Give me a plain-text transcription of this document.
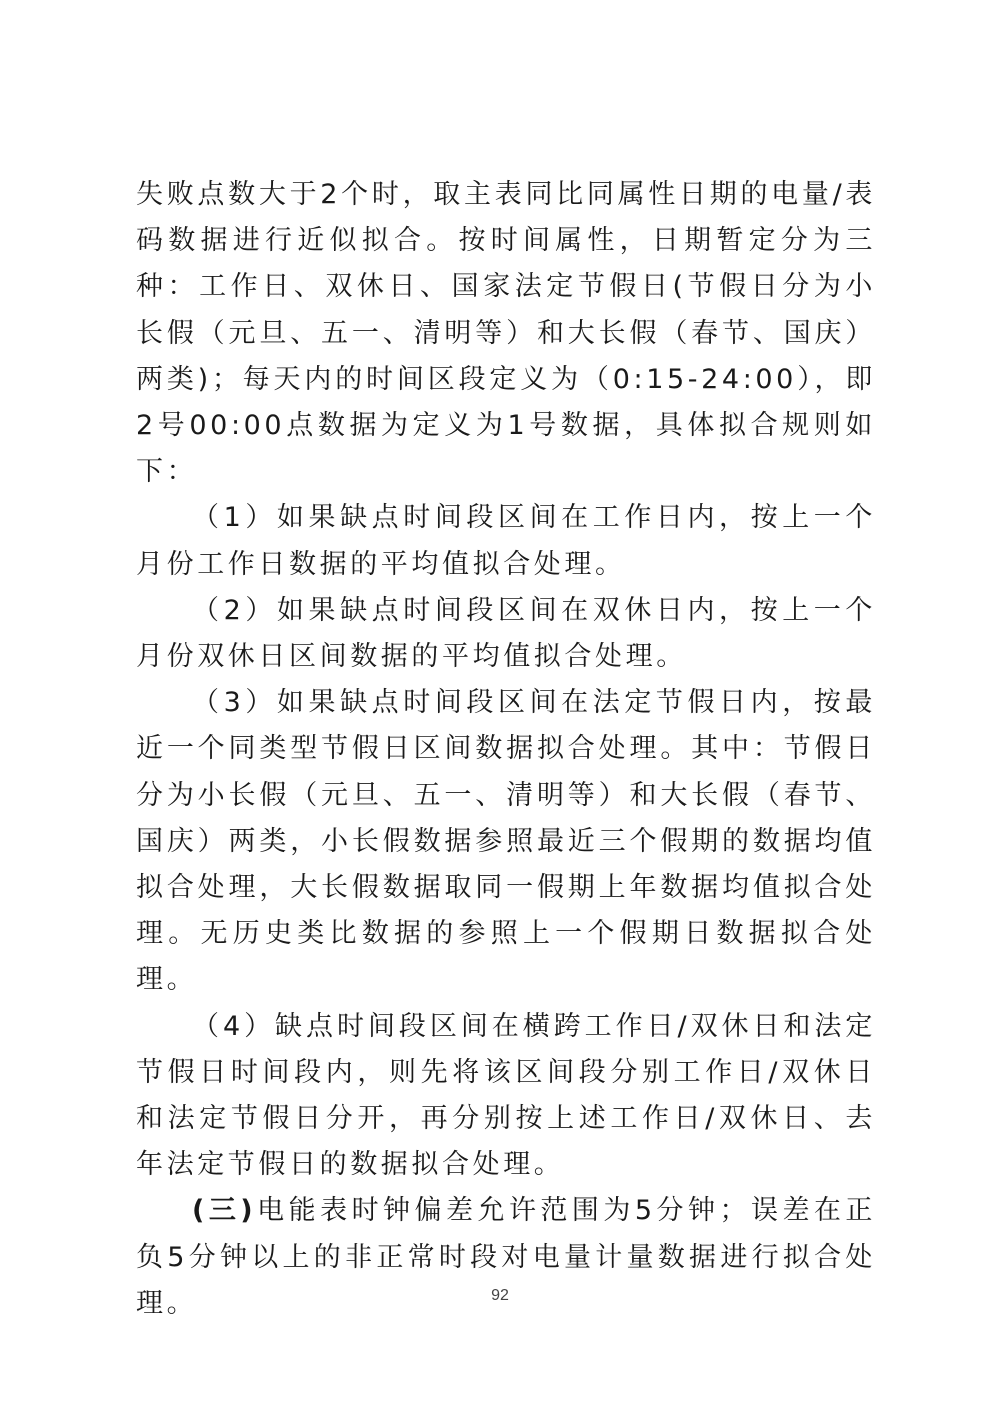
失败点数大于2个时，取主表同比同属性日期的电量/表码数据进行近似拟合。按时间属性，日期暂定分为三种：工作日、双休日、国家法定节假日(节假日分为小长假（元旦、五一、清明等）和大长假（春节、国庆）两类)；每天内的时间区段定义为（0:15-24:00），即2号00:00点数据为定义为1号数据，具体拟合规则如下：

（1）如果缺点时间段区间在工作日内，按上一个月份工作日数据的平均值拟合处理。

（2）如果缺点时间段区间在双休日内，按上一个月份双休日区间数据的平均值拟合处理。

（3）如果缺点时间段区间在法定节假日内，按最近一个同类型节假日区间数据拟合处理。其中：节假日分为小长假（元旦、五一、清明等）和大长假（春节、国庆）两类，小长假数据参照最近三个假期的数据均值拟合处理，大长假数据取同一假期上年数据均值拟合处理。无历史类比数据的参照上一个假期日数据拟合处理。

（4）缺点时间段区间在横跨工作日/双休日和法定节假日时间段内，则先将该区间段分别工作日/双休日和法定节假日分开，再分别按上述工作日/双休日、去年法定节假日的数据拟合处理。

(三)电能表时钟偏差允许范围为5分钟；误差在正负5分钟以上的非正常时段对电量计量数据进行拟合处理。	92
